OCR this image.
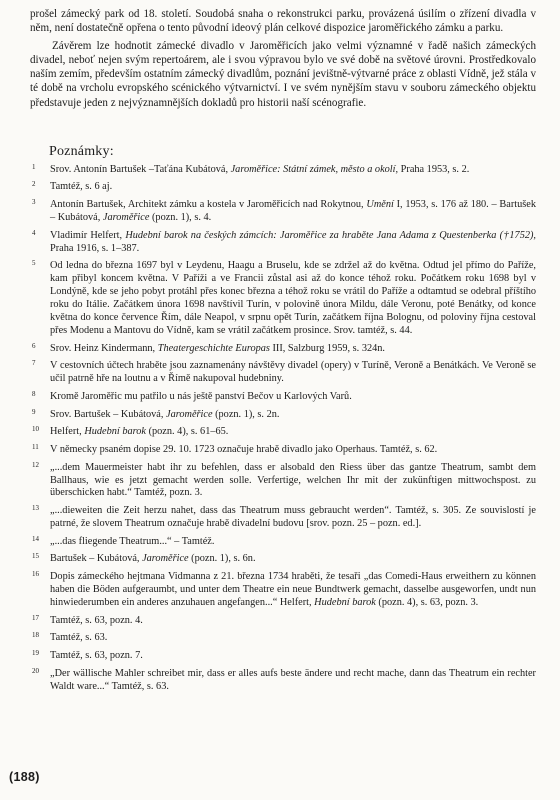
prošel zámecký park od 18. století. Soudobá snaha o rekonstrukci parku, provázená úsilím o zřízení divadla v něm, není dostatečně opřena o tento původní ideový plán celkové dispozice jaroměřického zámku a parku.

Závěrem lze hodnotit zámecké divadlo v Jaroměřicích jako velmi významné v řadě našich zámeckých divadel, neboť nejen svým repertoárem, ale i svou výpravou bylo ve své době na světové úrovni. Prostředkovalo naším zemím, především ostatním zámecký divadlům, poznání jevištně-výtvarné práce z oblasti Vídně, jež stála v té době na vrcholu evropského scénického výtvarnictví. I ve svém nynějším stavu v souboru zámeckého objektu představuje jeden z nejvýznamnějších dokladů pro historii naší scénografie.

Poznámky:
1 Srov. Antonín Bartušek –Taťána Kubátová, Jaroměřice: Státní zámek, město a okolí, Praha 1953, s. 2.
2 Tamtéž, s. 6 aj.
3 Antonín Bartušek, Architekt zámku a kostela v Jaroměřicích nad Rokytnou, Umění I, 1953, s. 176 až 180. – Bartušek – Kubátová, Jaroměřice (pozn. 1), s. 4.
4 Vladimír Helfert, Hudební barok na českých zámcích: Jaroměřice za hraběte Jana Adama z Questenberka (†1752), Praha 1916, s. 1–387.
5 Od ledna do března 1697 byl v Leydenu, Haagu a Bruselu, kde se zdržel až do května. Odtud jel přímo do Paříže, kam přibyl koncem května. V Paříži a ve Francii zůstal asi až do konce téhož roku. Počátkem roku 1698 byl v Londýně, kde se jeho pobyt protáhl přes konec března a téhož roku se vrátil do Paříže a odtamtud se odebral příštího roku do Itálie. Začátkem února 1698 navštívil Turín, v polovině února Mildu, dále Veronu, poté Benátky, od konce května do konce července Řím, dále Neapol, v srpnu opět Turín, začátkem října Bolognu, od poloviny října cestoval přes Modenu a Mantovu do Vídně, kam se vrátil začátkem prosince. Srov. tamtéž, s. 44.
6 Srov. Heinz Kindermann, Theatergeschichte Europas III, Salzburg 1959, s. 324n.
7 V cestovních účtech hraběte jsou zaznamenány návštěvy divadel (opery) v Turíně, Veroně a Benátkách. Ve Veroně se učil patrně hře na loutnu a v Římě nakupoval hudebniny.
8 Kromě Jaroměřic mu patřilo u nás ještě panství Bečov u Karlových Varů.
9 Srov. Bartušek – Kubátová, Jaroměřice (pozn. 1), s. 2n.
10 Helfert, Hudební barok (pozn. 4), s. 61–65.
11 V německy psaném dopise 29. 10. 1723 označuje hrabě divadlo jako Operhaus. Tamtéž, s. 62.
12 „...dem Mauermeister habt ihr zu befehlen, dass er alsobald den Riess über das gantze Theatrum, sambt dem Ballhaus, wie es jetzt gemacht werden solle. Verfertige, welchen Ihr mit der zukünftigen mittwochspost. zu überschicken habt.“ Tamtéž, pozn. 3.
13 „...dieweiten die Zeit herzu nahet, dass das Theatrum muss gebraucht werden“. Tamtéž, s. 305. Ze souvislostí je patrné, že slovem Theatrum označuje hrabě divadelní budovu [srov. pozn. 25 – pozn. ed.].
14 „...das fliegende Theatrum...“ – Tamtéž.
15 Bartušek – Kubátová, Jaroměřice (pozn. 1), s. 6n.
16 Dopis zámeckého hejtmana Vidmanna z 21. března 1734 hraběti, že tesaři „das Comedi-Haus erweithern zu können haben die Böden aufgeraumbt, und unter dem Theatre ein neue Bundtwerk gemacht, dasselbe ausgeworfen, undt nun hinwiederumben ein anderes anzuhauen angefangen...“ Helfert, Hudební barok (pozn. 4), s. 63, pozn. 3.
17 Tamtéž, s. 63, pozn. 4.
18 Tamtéž, s. 63.
19 Tamtéž, s. 63, pozn. 7.
20 „Der wällische Mahler schreibet mir, dass er alles aufs beste ändere und recht mache, dann das Theatrum ein rechter Waldt ware...“ Tamtéž, s. 63.
(188)
